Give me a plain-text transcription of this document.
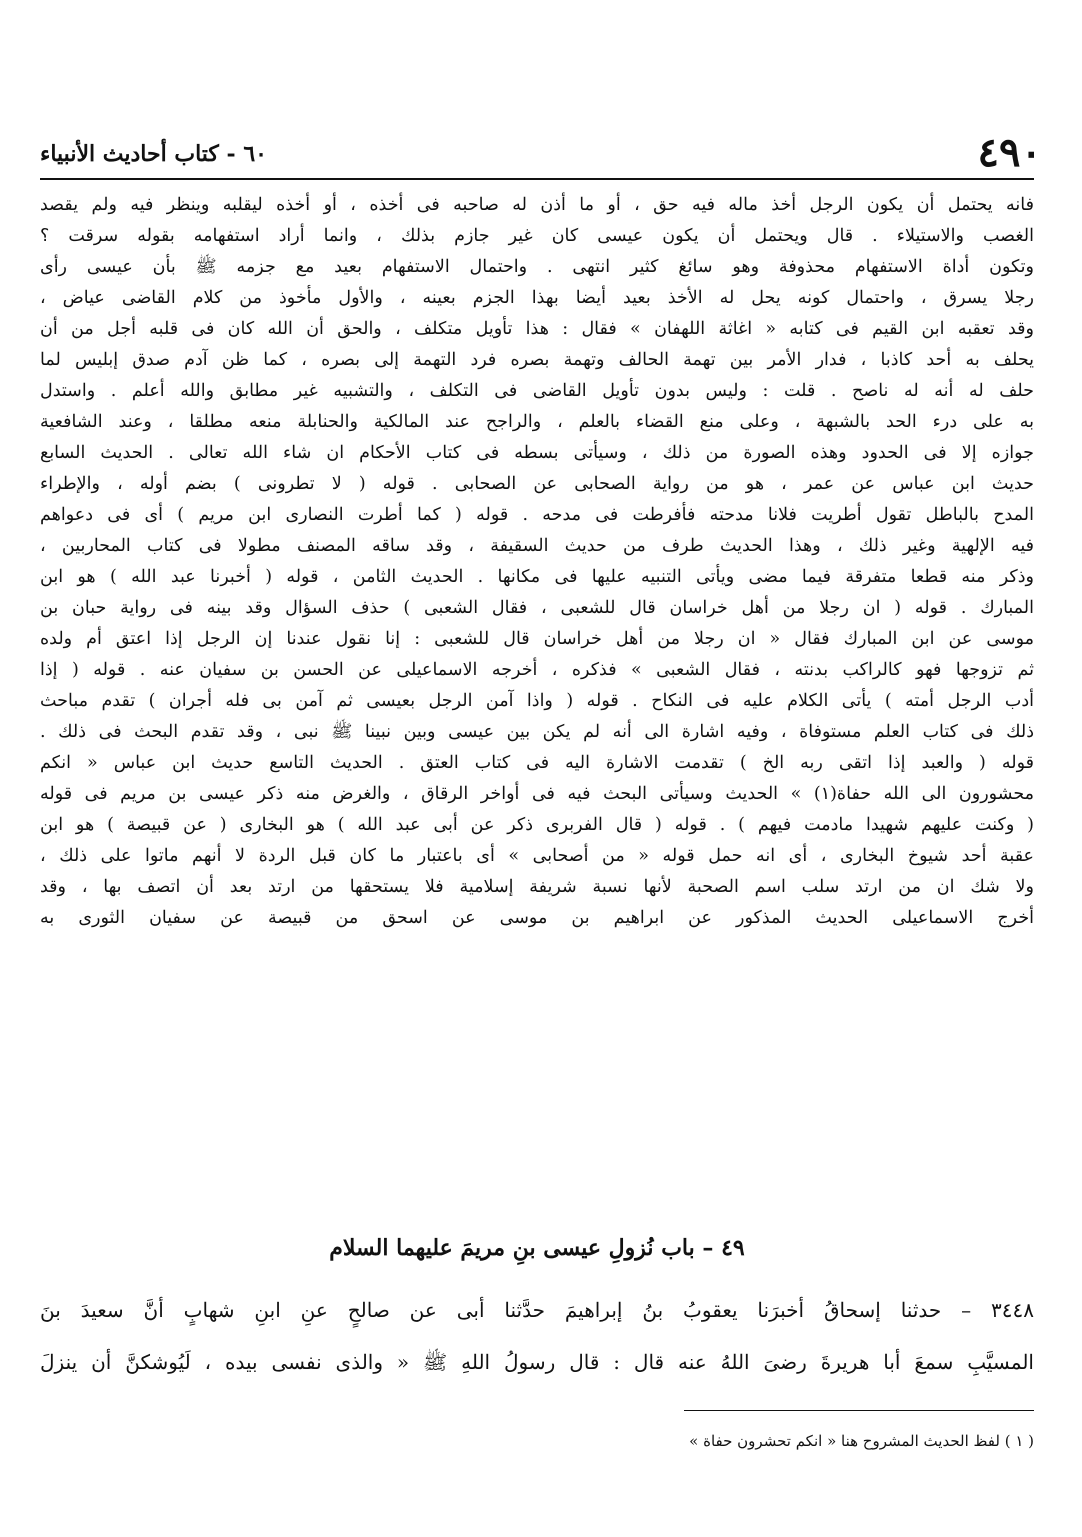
٤٩٠
٦٠ - كتاب أحاديث الأنبياء
فانه يحتمل أن يكون الرجل أخذ ماله فيه حق ، أو ما أذن له صاحبه فى أخذه ، أو أخذه ليقلبه وينظر فيه ولم يقصد
الغصب والاستيلاء . قال ويحتمل أن يكون عيسى كان غير جازم بذلك ، وانما أراد استفهامه بقوله سرقت ؟
وتكون أداة الاستفهام محذوفة وهو سائغ كثير انتهى . واحتمال الاستفهام بعيد مع جزمه ﷺ بأن عيسى رأى
رجلا يسرق ، واحتمال كونه يحل له الأخذ بعيد أيضا بهذا الجزم بعينه ، والأول مأخوذ من كلام القاضى عياض ،
وقد تعقبه ابن القيم فى كتابه « اغاثة اللهفان » فقال : هذا تأويل متكلف ، والحق أن الله كان فى قلبه أجل من أن
يحلف به أحد كاذبا ، فدار الأمر بين تهمة الحالف وتهمة بصره فرد التهمة إلى بصره ، كما ظن آدم صدق إبليس لما
حلف له أنه له ناصح . قلت : وليس بدون تأويل القاضى فى التكلف ، والتشبيه غير مطابق والله أعلم . واستدل
به على درء الحد بالشبهة ، وعلى منع القضاء بالعلم ، والراجح عند المالكية والحنابلة منعه مطلقا ، وعند الشافعية
جوازه إلا فى الحدود وهذه الصورة من ذلك ، وسيأتى بسطه فى كتاب الأحكام ان شاء الله تعالى . الحديث السابع
حديث ابن عباس عن عمر ، هو من رواية الصحابى عن الصحابى . قوله ( لا تطرونى ) بضم أوله ، والإطراء
المدح بالباطل تقول أطريت فلانا مدحته فأفرطت فى مدحه . قوله ( كما أطرت النصارى ابن مريم ) أى فى دعواهم
فيه الإلهية وغير ذلك ، وهذا الحديث طرف من حديث السقيفة ، وقد ساقه المصنف مطولا فى كتاب المحاربين ،
وذكر منه قطعا متفرقة فيما مضى ويأتى التنبيه عليها فى مكانها . الحديث الثامن ، قوله ( أخبرنا عبد الله ) هو ابن
المبارك . قوله ( ان رجلا من أهل خراسان قال للشعبى ، فقال الشعبى ) حذف السؤال وقد بينه فى رواية حبان بن
موسى عن ابن المبارك فقال « ان رجلا من أهل خراسان قال للشعبى : إنا نقول عندنا إن الرجل إذا اعتق أم ولده
ثم تزوجها فهو كالراكب بدنته ، فقال الشعبى » فذكره ، أخرجه الاسماعيلى عن الحسن بن سفيان عنه . قوله ( إذا
أدب الرجل أمته ) يأتى الكلام عليه فى النكاح . قوله ( واذا آمن الرجل بعيسى ثم آمن بى فله أجران ) تقدم مباحث
ذلك فى كتاب العلم مستوفاة ، وفيه اشارة الى أنه لم يكن بين عيسى وبين نبينا ﷺ نبى ، وقد تقدم البحث فى ذلك .
قوله ( والعبد إذا اتقى ربه الخ ) تقدمت الاشارة اليه فى كتاب العتق . الحديث التاسع حديث ابن عباس « انكم
محشورون الى الله حفاة(١) » الحديث وسيأتى البحث فيه فى أواخر الرقاق ، والغرض منه ذكر عيسى بن مريم فى قوله
( وكنت عليهم شهيدا مادمت فيهم ) . قوله ( قال الفربرى ذكر عن أبى عبد الله ) هو البخارى ( عن قبيصة ) هو ابن
عقبة أحد شيوخ البخارى ، أى انه حمل قوله « من أصحابى » أى باعتبار ما كان قبل الردة لا أنهم ماتوا على ذلك ،
ولا شك ان من ارتد سلب اسم الصحبة لأنها نسبة شريفة إسلامية فلا يستحقها من ارتد بعد أن اتصف بها ، وقد
أخرج الاسماعيلى الحديث المذكور عن ابراهيم بن موسى عن اسحق من قبيصة عن سفيان الثورى به
٤٩ – باب نُزولِ عيسى بنِ مريمَ عليهما السلام
٣٤٤٨ – حدثنا إسحاقُ أخبرَنا يعقوبُ بنُ إبراهيمَ حدَّثنا أبى عن صالحٍ عنِ ابنِ شهابٍ أنَّ سعيدَ بنَ
المسيَّبِ سمعَ أبا هريرةَ رضىَ اللهُ عنه قال : قال رسولُ اللهِ ﷺ « والذى نفسى بيده ، لَيُوشكنَّ أن ينزلَ
( ١ ) لفظ الحديث المشروح هنا « انكم تحشرون حفاة »
